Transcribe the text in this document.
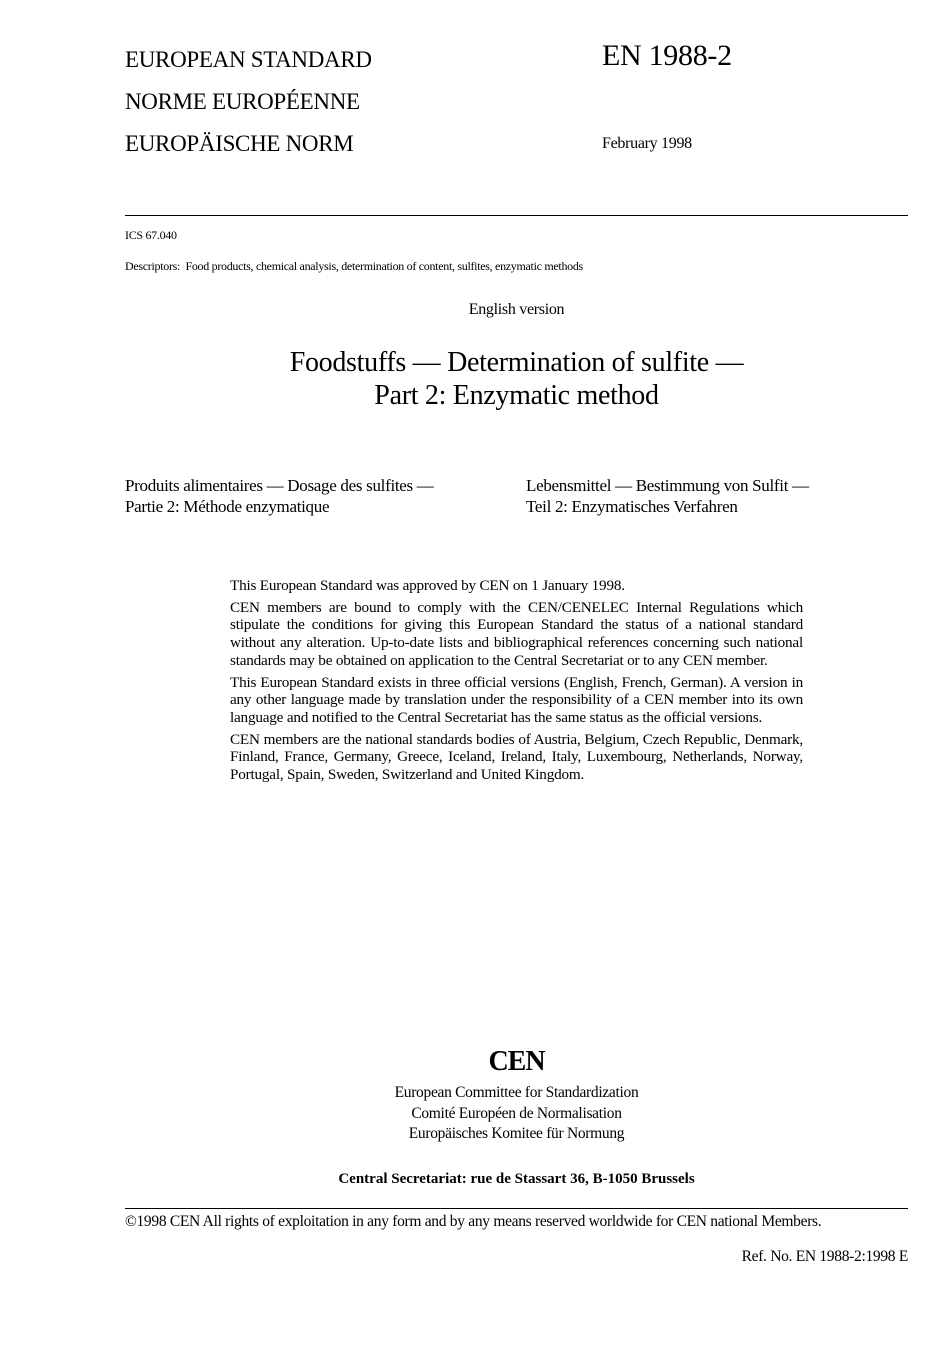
EUROPEAN STANDARD
NORME EUROPÉENNE
EUROPÄISCHE NORM
EN 1988-2
February 1998
ICS 67.040
Descriptors:  Food products, chemical analysis, determination of content, sulfites, enzymatic methods
English version
Foodstuffs — Determination of sulfite —
Part 2: Enzymatic method
Produits alimentaires — Dosage des sulfites —
Partie 2: Méthode enzymatique
Lebensmittel — Bestimmung von Sulfit —
Teil 2: Enzymatisches Verfahren

This European Standard was approved by CEN on 1 January 1998.

CEN members are bound to comply with the CEN/CENELEC Internal Regulations which stipulate the conditions for giving this European Standard the status of a national standard without any alteration. Up-to-date lists and bibliographical references concerning such national standards may be obtained on application to the Central Secretariat or to any CEN member.

This European Standard exists in three official versions (English, French, German). A version in any other language made by translation under the responsibility of a CEN member into its own language and notified to the Central Secretariat has the same status as the official versions.

CEN members are the national standards bodies of Austria, Belgium, Czech Republic, Denmark, Finland, France, Germany, Greece, Iceland, Ireland, Italy, Luxembourg, Netherlands, Norway, Portugal, Spain, Sweden, Switzerland and United Kingdom.

CEN
European Committee for Standardization
Comité Européen de Normalisation
Europäisches Komitee für Normung
Central Secretariat: rue de Stassart 36, B-1050 Brussels
©1998 CEN All rights of exploitation in any form and by any means reserved worldwide for CEN national Members.
Ref. No. EN 1988-2:1998 E
